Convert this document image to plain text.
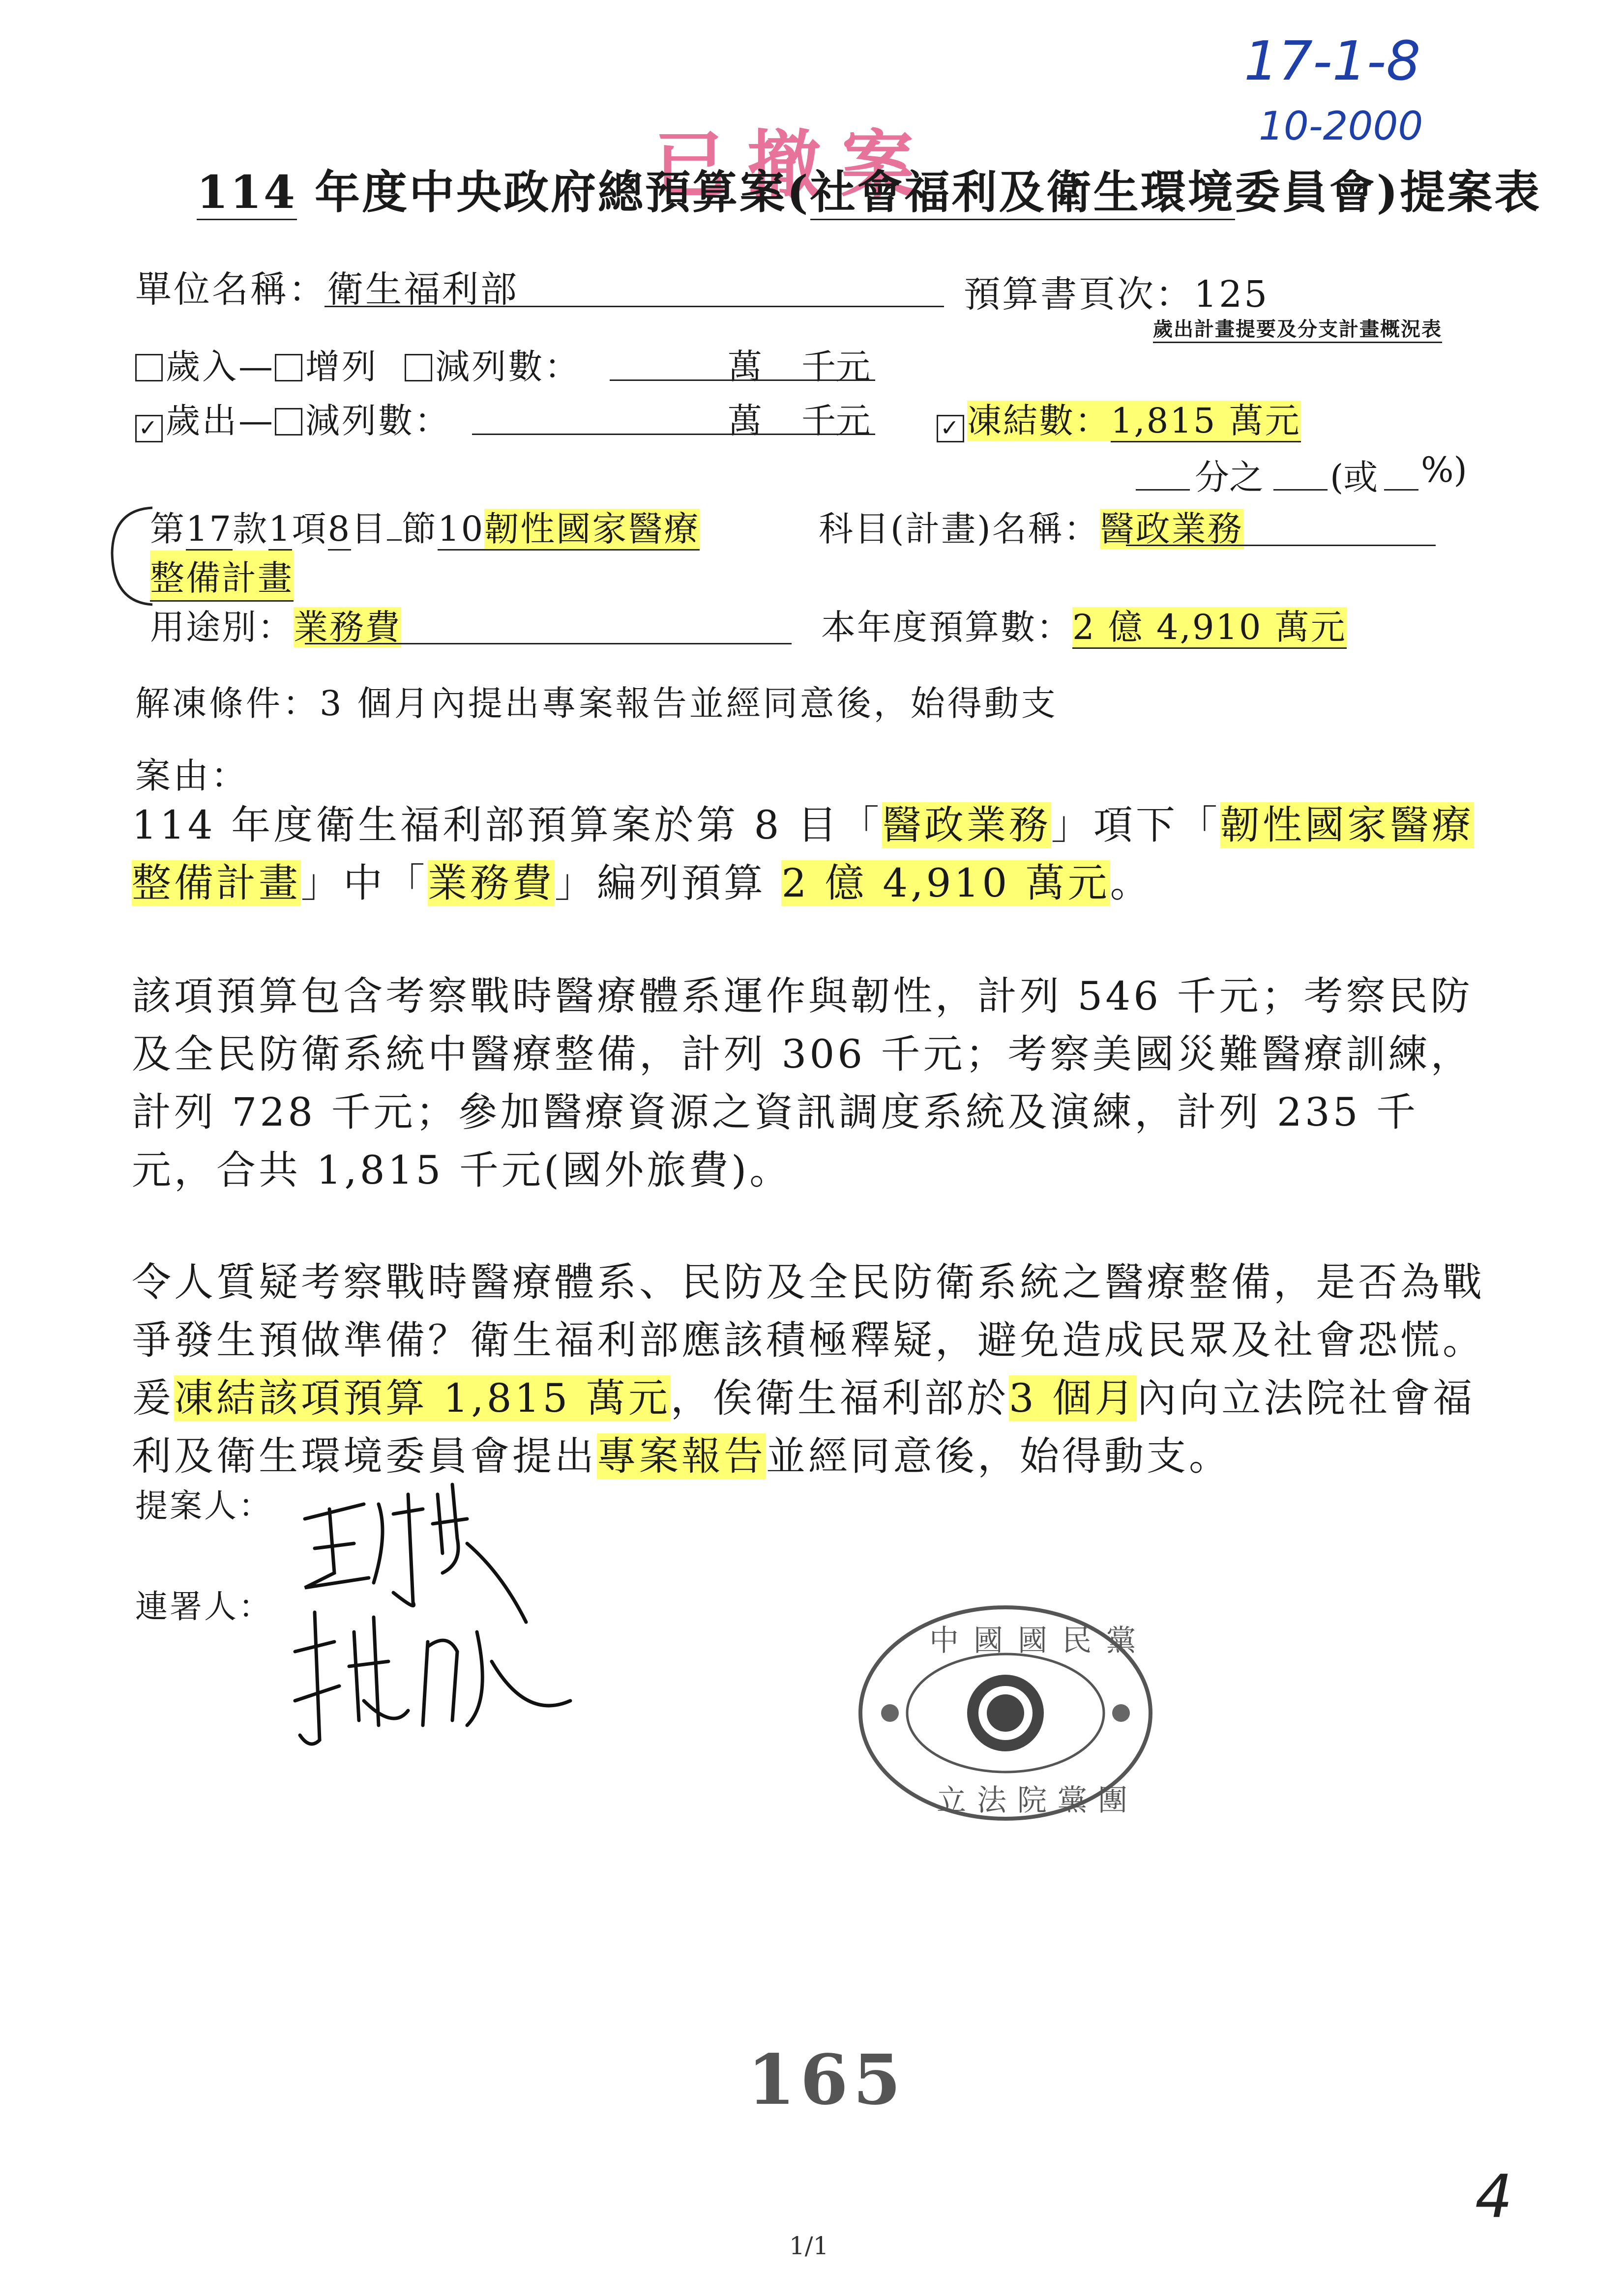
17-1-8
10-2000
已撤案
114 年度中央政府總預算案(社會福利及衛生環境委員會)提案表
單位名稱：衛生福利部	預算書頁次：125
歲出計畫提要及分支計畫概況表
歲入— 增列 減列數：	萬 千元
✓ 歲出— 減列數：	萬 千元	✓ 凍結數：1,815 萬元
分之 (或 %)
第17款1項8目 節10韌性國家醫療	科目(計畫)名稱：醫政業務
整備計畫
用途別：業務費	本年度預算數：2 億 4,910 萬元
解凍條件：3 個月內提出專案報告並經同意後，始得動支
案由：
114 年度衛生福利部預算案於第 8 目「醫政業務」項下「韌性國家醫療整備計畫」中「業務費」編列預算 2 億 4,910 萬元。
該項預算包含考察戰時醫療體系運作與韌性，計列 546 千元；考察民防及全民防衛系統中醫療整備，計列 306 千元；考察美國災難醫療訓練，計列 728 千元；參加醫療資源之資訊調度系統及演練，計列 235 千元，合共 1,815 千元(國外旅費)。
令人質疑考察戰時醫療體系、民防及全民防衛系統之醫療整備，是否為戰爭發生預做準備？衛生福利部應該積極釋疑，避免造成民眾及社會恐慌。爰凍結該項預算 1,815 萬元，俟衛生福利部於3 個月內向立法院社會福利及衛生環境委員會提出專案報告並經同意後，始得動支。
提案人：
連署人：
中國國民黨
立法院黨團
165
4
1/1
